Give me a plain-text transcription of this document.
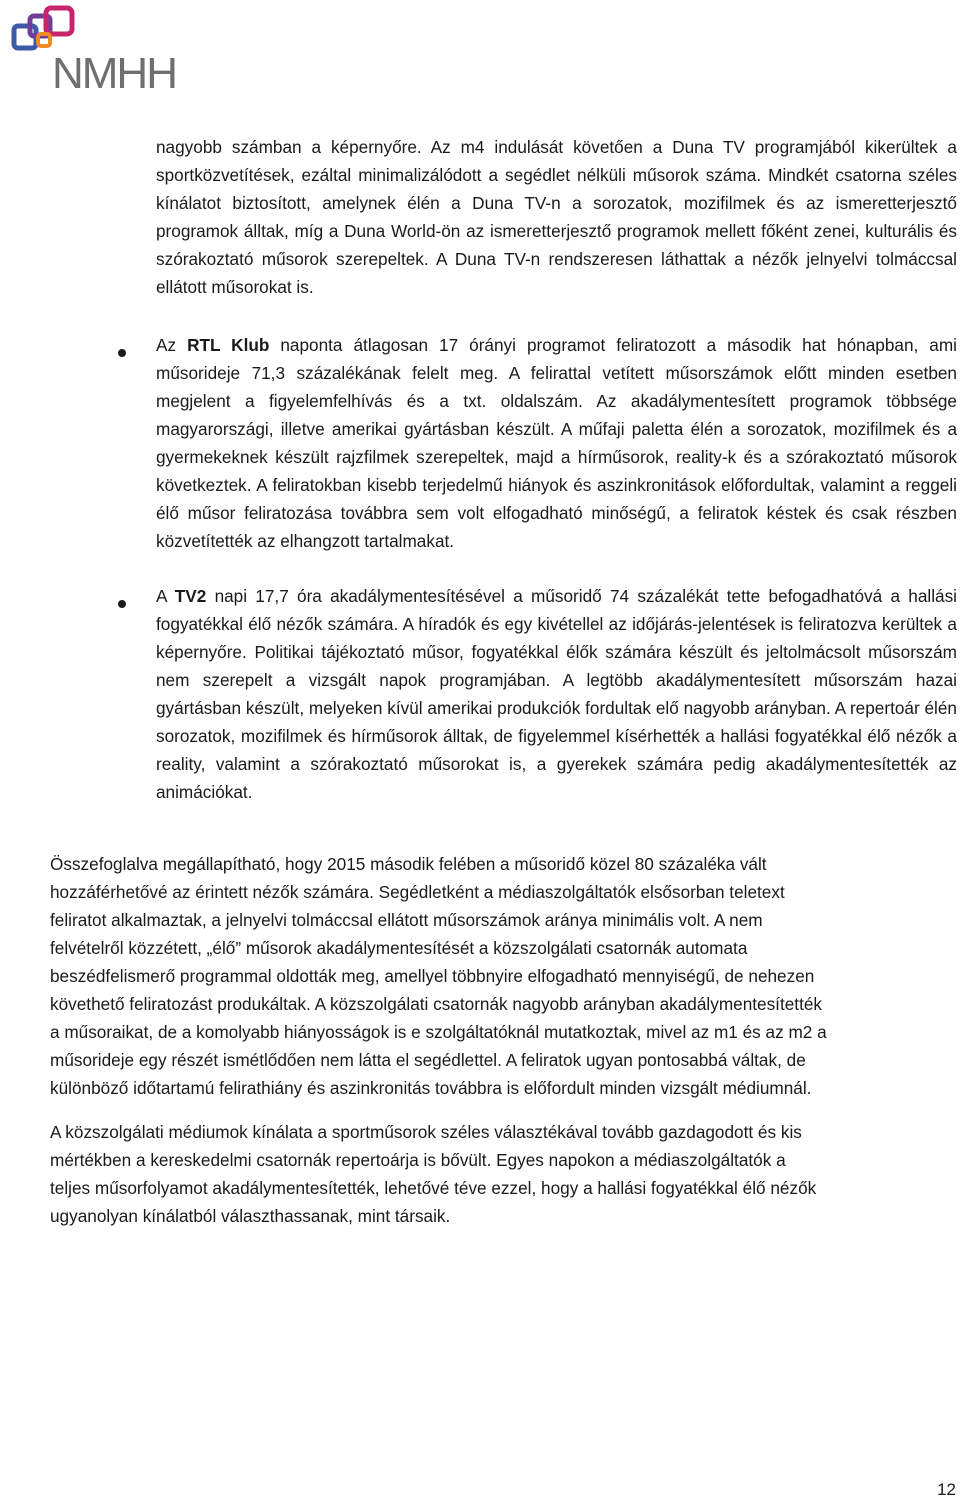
NMHH

nagyobb számban a képernyőre. Az m4 indulását követően a Duna TV programjából kikerültek a sportközvetítések, ezáltal minimalizálódott a segédlet nélküli műsorok száma. Mindkét csatorna széles kínálatot biztosított, amelynek élén a Duna TV-n a sorozatok, mozifilmek és az ismeretterjesztő programok álltak, míg a Duna World-ön az ismeretterjesztő programok mellett főként zenei, kulturális és szórakoztató műsorok szerepeltek. A Duna TV-n rendszeresen láthattak a nézők jelnyelvi tolmáccsal ellátott műsorokat is.

Az RTL Klub naponta átlagosan 17 órányi programot feliratozott a második hat hónapban, ami műsorideje 71,3 százalékának felelt meg. A felirattal vetített műsorszámok előtt minden esetben megjelent a figyelemfelhívás és a txt. oldalszám. Az akadálymentesített programok többsége magyarországi, illetve amerikai gyártásban készült. A műfaji paletta élén a sorozatok, mozifilmek és a gyermekeknek készült rajzfilmek szerepeltek, majd a hírműsorok, reality-k és a szórakoztató műsorok következtek. A feliratokban kisebb terjedelmű hiányok és aszinkronitások előfordultak, valamint a reggeli élő műsor feliratozása továbbra sem volt elfogadható minőségű, a feliratok késtek és csak részben közvetítették az elhangzott tartalmakat.
A TV2 napi 17,7 óra akadálymentesítésével a műsoridő 74 százalékát tette befogadhatóvá a hallási fogyatékkal élő nézők számára. A híradók és egy kivétellel az időjárás-jelentések is feliratozva kerültek a képernyőre. Politikai tájékoztató műsor, fogyatékkal élők számára készült és jeltolmácsolt műsorszám nem szerepelt a vizsgált napok programjában. A legtöbb akadálymentesített műsorszám hazai gyártásban készült, melyeken kívül amerikai produkciók fordultak elő nagyobb arányban. A repertoár élén sorozatok, mozifilmek és hírműsorok álltak, de figyelemmel kísérhették a hallási fogyatékkal élő nézők a reality, valamint a szórakoztató műsorokat is, a gyerekek számára pedig akadálymentesítették az animációkat.
Összefoglalva megállapítható, hogy 2015 második felében a műsoridő közel 80 százaléka vált
hozzáférhetővé az érintett nézők számára. Segédletként a médiaszolgáltatók elsősorban teletext
feliratot alkalmaztak, a jelnyelvi tolmáccsal ellátott műsorszámok aránya minimális volt. A nem
felvételről közzétett, „élő” műsorok akadálymentesítését a közszolgálati csatornák automata
beszédfelismerő programmal oldották meg, amellyel többnyire elfogadható mennyiségű, de nehezen
követhető feliratozást produkáltak. A közszolgálati csatornák nagyobb arányban akadálymentesítették
a műsoraikat, de a komolyabb hiányosságok is e szolgáltatóknál mutatkoztak, mivel az m1 és az m2 a
műsorideje egy részét ismétlődően nem látta el segédlettel. A feliratok ugyan pontosabbá váltak, de
különböző időtartamú felirathiány és aszinkronitás továbbra is előfordult minden vizsgált médiumnál.
A közszolgálati médiumok kínálata a sportműsorok széles választékával tovább gazdagodott és kis
mértékben a kereskedelmi csatornák repertoárja is bővült. Egyes napokon a médiaszolgáltatók a
teljes műsorfolyamot akadálymentesítették, lehetővé téve ezzel, hogy a hallási fogyatékkal élő nézők
ugyanolyan kínálatból választhassanak, mint társaik.
12
